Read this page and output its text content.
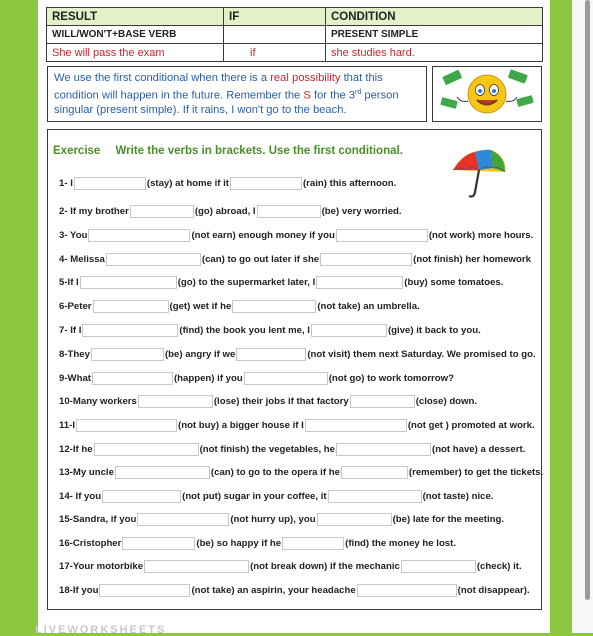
RESULT	IF	CONDITION
WILL/WON'T+BASE VERB		PRESENT SIMPLE
She will pass the exam	if	she studies hard.
We use the first conditional when there is a real possibility that this condition will happen in the future. Remember the S for the 3rd person singular (present simple). If it rains, I won't go to the beach.
Exercise Write the verbs in brackets. Use the first conditional.
1- I	(stay) at home if it	(rain) this afternoon.
2- If my brother	(go) abroad, I	(be) very worried.
3- You	(not earn) enough money if you	(not work) more hours.
4- Melissa	(can) to go out later if she	(not finish) her homework
5-If I	(go) to the supermarket later, I	(buy) some tomatoes.
6-Peter	(get) wet if he	(not take) an umbrella.
7- If I	(find) the book you lent me, I	(give) it back to you.
8-They	(be) angry if we	(not visit) them next Saturday. We promised to go.
9-What	(happen) if you	(not go) to work tomorrow?
10-Many workers	(lose) their jobs if that factory	(close) down.
11-I	(not buy) a bigger house if I	(not get ) promoted at work.
12-If he	(not finish) the vegetables, he	(not have) a dessert.
13-My uncle	(can) to go to the opera if he	(remember) to get the tickets.
14- If you	(not put) sugar in your coffee, it	(not taste) nice.
15-Sandra, if you	(not hurry up), you	(be) late for the meeting.
16-Cristopher	(be) so happy if he	(find) the money he lost.
17-Your motorbike	(not break down) if the mechanic	(check) it.
18-If you	(not take) an aspirin, your headache	(not disappear).
LIVEWORKSHEETS
